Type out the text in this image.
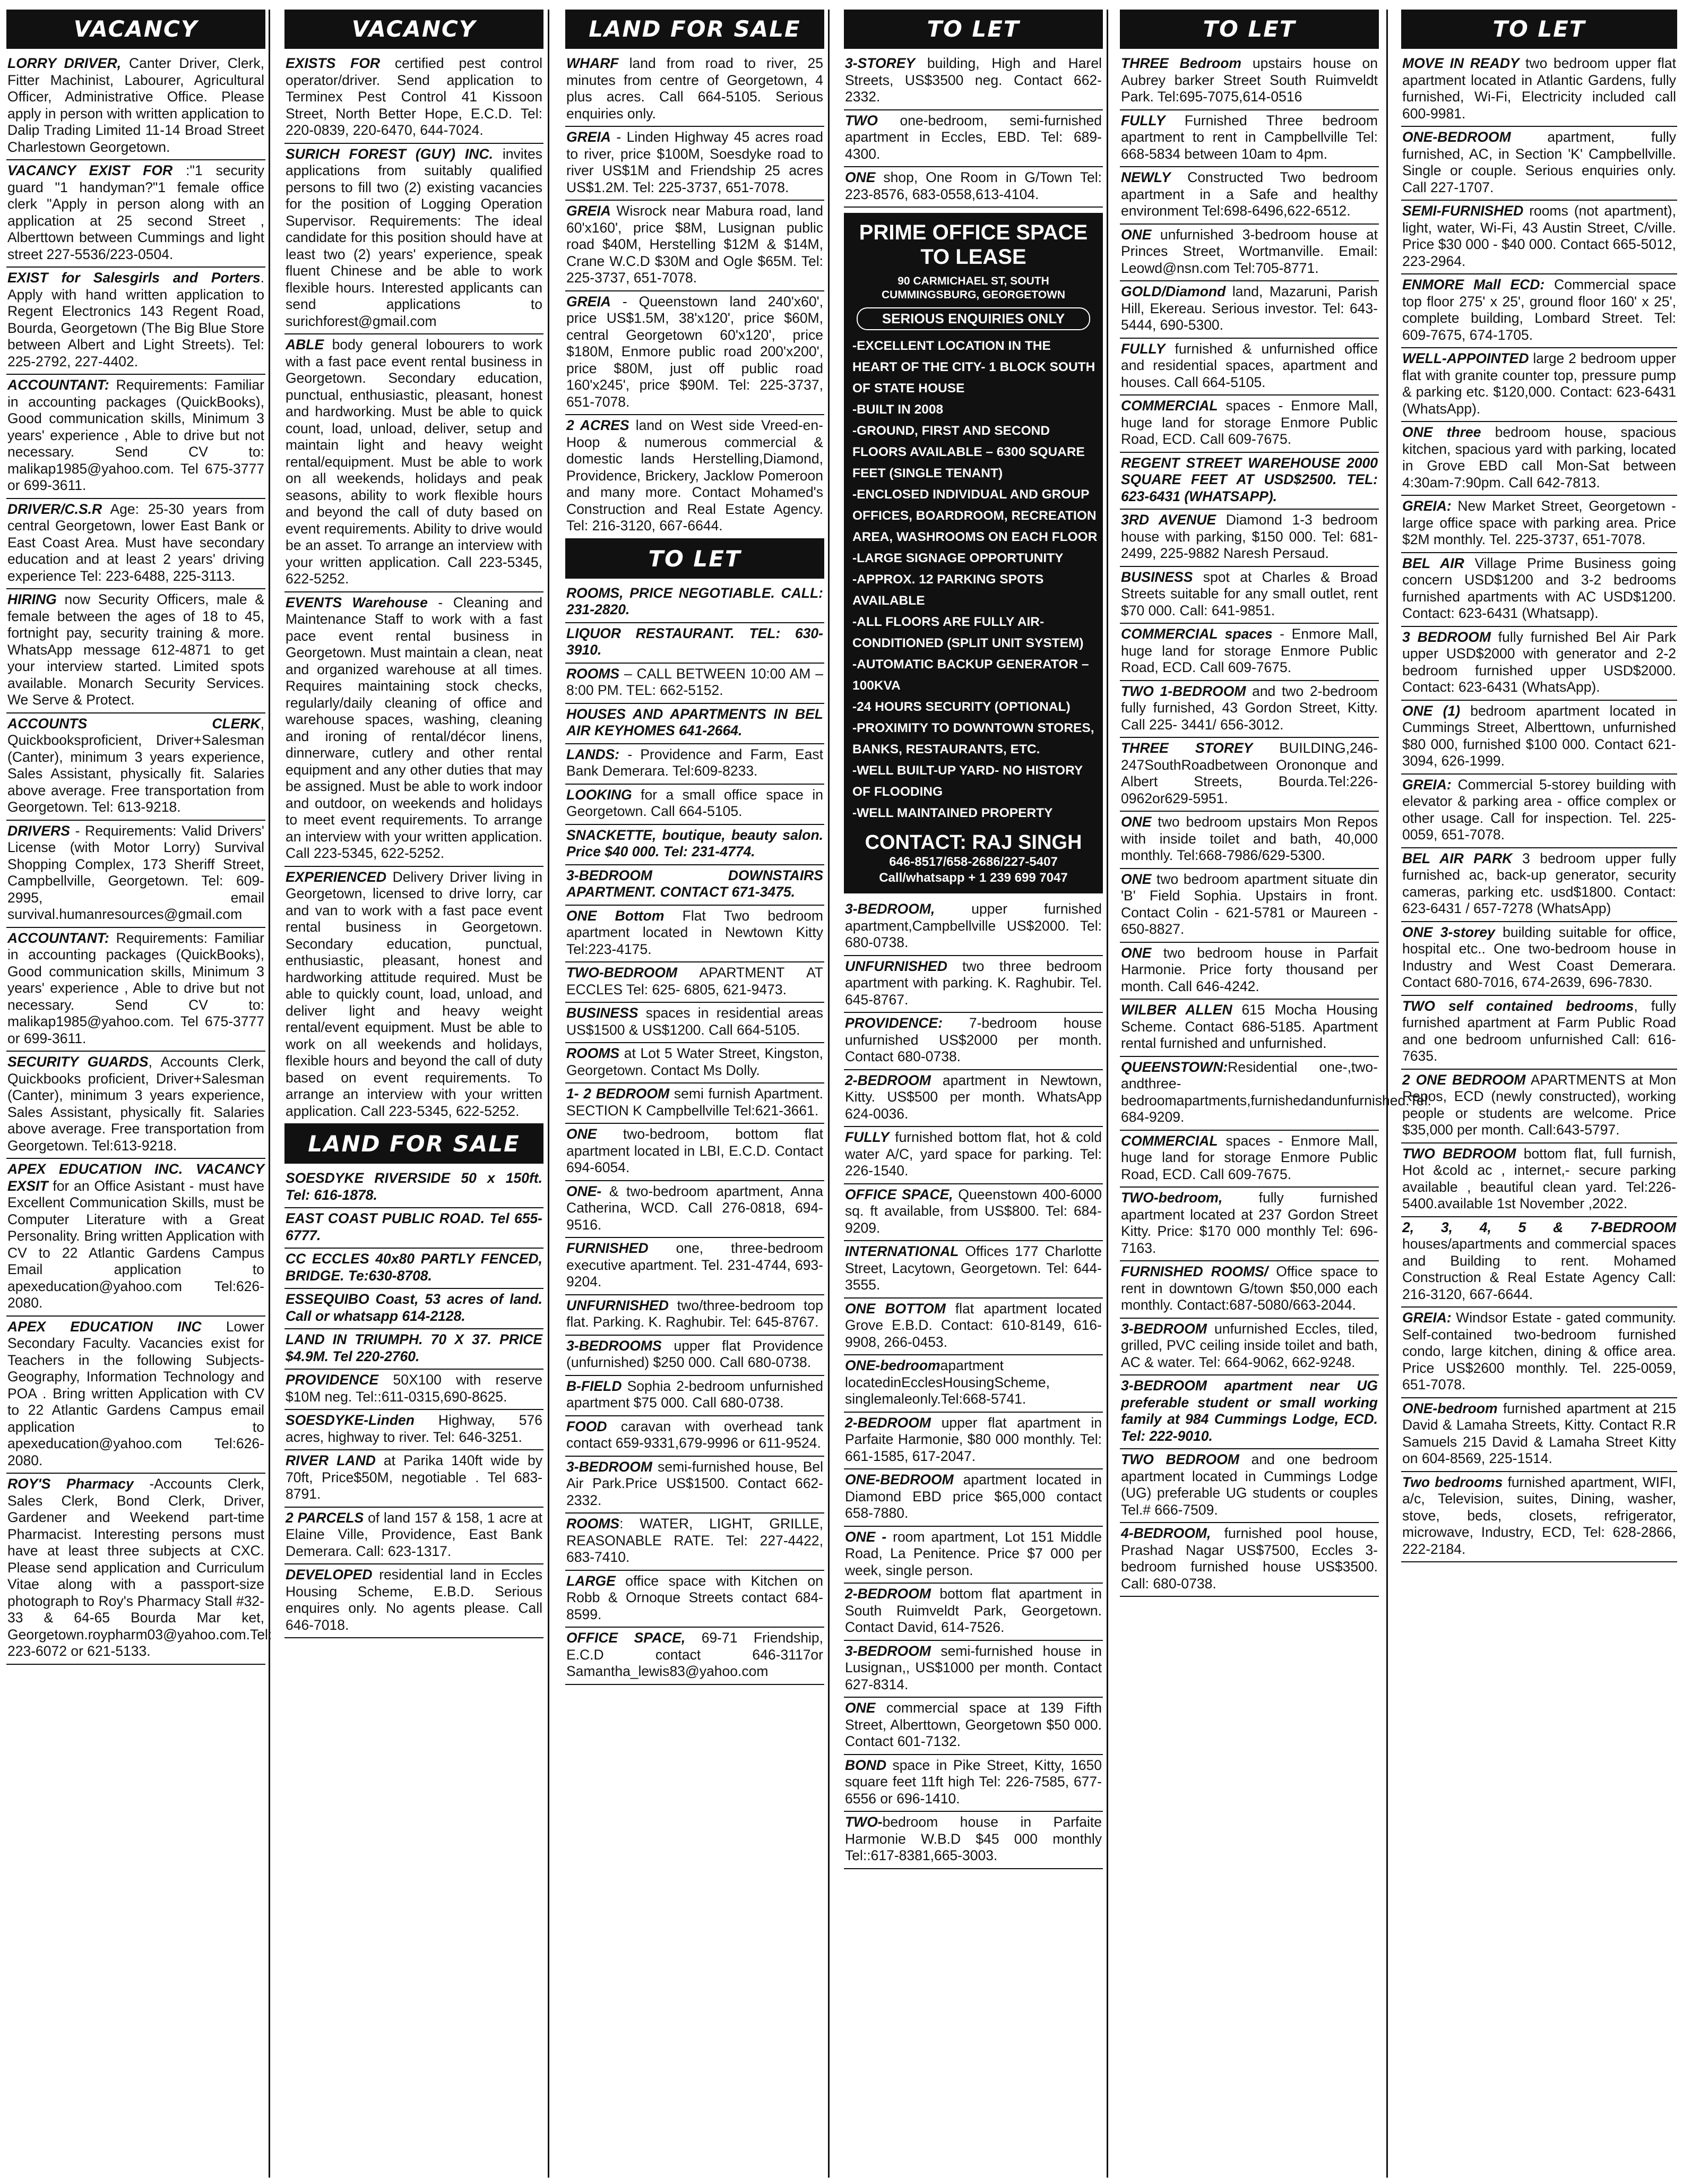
VACANCY
LORRY DRIVER, Canter Driver, Clerk, Fitter Machinist, Labourer, Agricultural Officer, Administrative Office. Please apply in person with written application to Dalip Trading Limited 11-14 Broad Street Charlestown Georgetown.
VACANCY EXIST FOR :"1 security guard "1 handyman?"1 female office clerk "Apply in person along with an application at 25 second Street , Alberttown between Cummings and light street 227-5536/223-0504.
EXIST for Salesgirls and Porters. Apply with hand written application to Regent Electronics 143 Regent Road, Bourda, Georgetown (The Big Blue Store between Albert and Light Streets). Tel: 225-2792, 227-4402.
ACCOUNTANT: Requirements: Familiar in accounting packages (QuickBooks), Good communication skills, Minimum 3 years' experience , Able to drive but not necessary. Send CV to: malikap1985@yahoo.com. Tel 675-3777 or 699-3611.
DRIVER/C.S.R Age: 25-30 years from central Georgetown, lower East Bank or East Coast Area. Must have secondary education and at least 2 years' driving experience Tel: 223-6488, 225-3113.
HIRING now Security Officers, male & female between the ages of 18 to 45, fortnight pay, security training & more. WhatsApp message 612-4871 to get your interview started. Limited spots available. Monarch Security Services. We Serve & Protect.
ACCOUNTS CLERK, Quickbooksproficient, Driver+Salesman (Canter), minimum 3 years experience, Sales Assistant, physically fit. Salaries above average. Free transportation from Georgetown. Tel: 613-9218.
DRIVERS - Requirements: Valid Drivers' License (with Motor Lorry) Survival Shopping Complex, 173 Sheriff Street, Campbellville, Georgetown. Tel: 609-2995, email survival.humanresources@gmail.com
ACCOUNTANT: Requirements: Familiar in accounting packages (QuickBooks), Good communication skills, Minimum 3 years' experience , Able to drive but not necessary. Send CV to: malikap1985@yahoo.com. Tel 675-3777 or 699-3611.
SECURITY GUARDS, Accounts Clerk, Quickbooks proficient, Driver+Salesman (Canter), minimum 3 years experience, Sales Assistant, physically fit. Salaries above average. Free transportation from Georgetown. Tel:613-9218.
APEX EDUCATION INC. VACANCY EXSIT for an Office Asistant - must have Excellent Communication Skills, must be Computer Literature with a Great Personality. Bring written Application with CV to 22 Atlantic Gardens Campus Email application to apexeducation@yahoo.com Tel:626-2080.
APEX EDUCATION INC Lower Secondary Faculty. Vacancies exist for Teachers in the following Subjects- Geography, Information Technology and POA . Bring written Application with CV to 22 Atlantic Gardens Campus email application to apexeducation@yahoo.com Tel:626-2080.
ROY'S Pharmacy -Accounts Clerk, Sales Clerk, Bond Clerk, Driver, Gardener and Weekend part-time Pharmacist. Interesting persons must have at least three subjects at CXC. Please send application and Curriculum Vitae along with a passport-size photograph to Roy's Pharmacy Stall #32-33 & 64-65 Bourda Mar ket, Georgetown.roypharm03@yahoo.com.Tel: 223-6072 or 621-5133.
VACANCY
EXISTS FOR certified pest control operator/driver. Send application to Terminex Pest Control 41 Kissoon Street, North Better Hope, E.C.D. Tel: 220-0839, 220-6470, 644-7024.
SURICH FOREST (GUY) INC. invites applications from suitably qualified persons to fill two (2) existing vacancies for the position of Logging Operation Supervisor. Requirements: The ideal candidate for this position should have at least two (2) years' experience, speak fluent Chinese and be able to work flexible hours. Interested applicants can send applications to surichforest@gmail.com
ABLE body general lobourers to work with a fast pace event rental business in Georgetown. Secondary education, punctual, enthusiastic, pleasant, honest and hardworking. Must be able to quick count, load, unload, deliver, setup and maintain light and heavy weight rental/equipment. Must be able to work on all weekends, holidays and peak seasons, ability to work flexible hours and beyond the call of duty based on event requirements. Ability to drive would be an asset. To arrange an interview with your written application. Call 223-5345, 622-5252.
EVENTS Warehouse - Cleaning and Maintenance Staff to work with a fast pace event rental business in Georgetown. Must maintain a clean, neat and organized warehouse at all times. Requires maintaining stock checks, regularly/daily cleaning of office and warehouse spaces, washing, cleaning and ironing of rental/décor linens, dinnerware, cutlery and other rental equipment and any other duties that may be assigned. Must be able to work indoor and outdoor, on weekends and holidays to meet event requirements. To arrange an interview with your written application. Call 223-5345, 622-5252.
EXPERIENCED Delivery Driver living in Georgetown, licensed to drive lorry, car and van to work with a fast pace event rental business in Georgetown. Secondary education, punctual, enthusiastic, pleasant, honest and hardworking attitude required. Must be able to quickly count, load, unload, and deliver light and heavy weight rental/event equipment. Must be able to work on all weekends and holidays, flexible hours and beyond the call of duty based on event requirements. To arrange an interview with your written application. Call 223-5345, 622-5252.
LAND FOR SALE
SOESDYKE RIVERSIDE 50 x 150ft. Tel: 616-1878.
EAST COAST PUBLIC ROAD. Tel 655-6777.
CC ECCLES 40x80 PARTLY FENCED, BRIDGE. Te:630-8708.
ESSEQUIBO Coast, 53 acres of land. Call or whatsapp 614-2128.
LAND IN TRIUMPH. 70 X 37. PRICE $4.9M. Tel 220-2760.
PROVIDENCE 50X100 with reserve $10M neg. Tel::611-0315,690-8625.
SOESDYKE-Linden Highway, 576 acres, highway to river. Tel: 646-3251.
RIVER LAND at Parika 140ft wide by 70ft, Price$50M, negotiable . Tel 683-8791.
2 PARCELS of land 157 & 158, 1 acre at Elaine Ville, Providence, East Bank Demerara. Call: 623-1317.
DEVELOPED residential land in Eccles Housing Scheme, E.B.D. Serious enquires only. No agents please. Call 646-7018.
LAND FOR SALE
WHARF land from road to river, 25 minutes from centre of Georgetown, 4 plus acres. Call 664-5105. Serious enquiries only.
GREIA - Linden Highway 45 acres road to river, price $100M, Soesdyke road to river US$1M and Friendship 25 acres US$1.2M. Tel: 225-3737, 651-7078.
GREIA Wisrock near Mabura road, land 60'x160', price $8M, Lusignan public road $40M, Herstelling $12M & $14M, Crane W.C.D $30M and Ogle $65M. Tel: 225-3737, 651-7078.
GREIA - Queenstown land 240'x60', price US$1.5M, 38'x120', price $60M, central Georgetown 60'x120', price $180M, Enmore public road 200'x200', price $80M, just off public road 160'x245', price $90M. Tel: 225-3737, 651-7078.
2 ACRES land on West side Vreed-en-Hoop & numerous commercial & domestic lands Herstelling,Diamond, Providence, Brickery, Jacklow Pomeroon and many more. Contact Mohamed's Construction and Real Estate Agency. Tel: 216-3120, 667-6644.
TO LET
ROOMS, PRICE NEGOTIABLE. CALL: 231-2820.
LIQUOR RESTAURANT. TEL: 630-3910.
ROOMS – CALL BETWEEN 10:00 AM – 8:00 PM. TEL: 662-5152.
HOUSES AND APARTMENTS IN BEL AIR KEYHOMES 641-2664.
LANDS: - Providence and Farm, East Bank Demerara. Tel:609-8233.
LOOKING for a small office space in Georgetown. Call 664-5105.
SNACKETTE, boutique, beauty salon. Price $40 000. Tel: 231-4774.
3-BEDROOM DOWNSTAIRS APARTMENT. CONTACT 671-3475.
ONE Bottom Flat Two bedroom apartment located in Newtown Kitty Tel:223-4175.
TWO-BEDROOM APARTMENT AT ECCLES Tel: 625- 6805, 621-9473.
BUSINESS spaces in residential areas US$1500 & US$1200. Call 664-5105.
ROOMS at Lot 5 Water Street, Kingston, Georgetown. Contact Ms Dolly.
1- 2 BEDROOM semi furnish Apartment. SECTION K Campbellville Tel:621-3661.
ONE two-bedroom, bottom flat apartment located in LBI, E.C.D. Contact 694-6054.
ONE- & two-bedroom apartment, Anna Catherina, WCD. Call 276-0818, 694-9516.
FURNISHED one, three-bedroom executive apartment. Tel. 231-4744, 693-9204.
UNFURNISHED two/three-bedroom top flat. Parking. K. Raghubir. Tel: 645-8767.
3-BEDROOMS upper flat Providence (unfurnished) $250 000. Call 680-0738.
B-FIELD Sophia 2-bedroom unfurnished apartment $75 000. Call 680-0738.
FOOD caravan with overhead tank contact 659-9331,679-9996 or 611-9524.
3-BEDROOM semi-furnished house, Bel Air Park.Price US$1500. Contact 662-2332.
ROOMS: WATER, LIGHT, GRILLE, REASONABLE RATE. Tel: 227-4422, 683-7410.
LARGE office space with Kitchen on Robb & Ornoque Streets contact 684-8599.
OFFICE SPACE, 69-71 Friendship, E.C.D contact 646-3117or Samantha_lewis83@yahoo.com
TO LET
3-STOREY building, High and Harel Streets, US$3500 neg. Contact 662-2332.
TWO one-bedroom, semi-furnished apartment in Eccles, EBD. Tel: 689-4300.
ONE shop, One Room in G/Town Tel: 223-8576, 683-0558,613-4104.
PRIME OFFICE SPACE TO LEASE
90 CARMICHAEL ST, SOUTH CUMMINGSBURG, GEORGETOWN
SERIOUS ENQUIRIES ONLY
-EXCELLENT LOCATION IN THE HEART OF THE CITY- 1 BLOCK SOUTH OF STATE HOUSE
-BUILT IN 2008
-GROUND, FIRST AND SECOND FLOORS AVAILABLE – 6300 SQUARE FEET (SINGLE TENANT)
-ENCLOSED INDIVIDUAL AND GROUP OFFICES, BOARDROOM, RECREATION AREA, WASHROOMS ON EACH FLOOR
-LARGE SIGNAGE OPPORTUNITY
-APPROX. 12 PARKING SPOTS AVAILABLE
-ALL FLOORS ARE FULLY AIR-CONDITIONED (SPLIT UNIT SYSTEM)
-AUTOMATIC BACKUP GENERATOR – 100KVA
-24 HOURS SECURITY (OPTIONAL)
-PROXIMITY TO DOWNTOWN STORES, BANKS, RESTAURANTS, ETC.
-WELL BUILT-UP YARD- NO HISTORY OF FLOODING
-WELL MAINTAINED PROPERTY
CONTACT: RAJ SINGH
646-8517/658-2686/227-5407
Call/whatsapp + 1 239 699 7047
3-BEDROOM, upper furnished apartment,Campbellville US$2000. Tel: 680-0738.
UNFURNISHED two three bedroom apartment with parking. K. Raghubir. Tel. 645-8767.
PROVIDENCE: 7-bedroom house unfurnished US$2000 per month. Contact 680-0738.
2-BEDROOM apartment in Newtown, Kitty. US$500 per month. WhatsApp 624-0036.
FULLY furnished bottom flat, hot & cold water A/C, yard space for parking. Tel: 226-1540.
OFFICE SPACE, Queenstown 400-6000 sq. ft available, from US$800. Tel: 684-9209.
INTERNATIONAL Offices 177 Charlotte Street, Lacytown, Georgetown. Tel: 644-3555.
ONE BOTTOM flat apartment located Grove E.B.D. Contact: 610-8149, 616-9908, 266-0453.
ONE-bedroomapartment locatedinEcclesHousingScheme, singlemaleonly.Tel:668-5741.
2-BEDROOM upper flat apartment in Parfaite Harmonie, $80 000 monthly. Tel: 661-1585, 617-2047.
ONE-BEDROOM apartment located in Diamond EBD price $65,000 contact 658-7880.
ONE - room apartment, Lot 151 Middle Road, La Penitence. Price $7 000 per week, single person.
2-BEDROOM bottom flat apartment in South Ruimveldt Park, Georgetown. Contact David, 614-7526.
3-BEDROOM semi-furnished house in Lusignan,, US$1000 per month. Contact 627-8314.
ONE commercial space at 139 Fifth Street, Alberttown, Georgetown $50 000. Contact 601-7132.
BOND space in Pike Street, Kitty, 1650 square feet 11ft high Tel: 226-7585, 677-6556 or 696-1410.
TWO-bedroom house in Parfaite Harmonie W.B.D $45 000 monthly Tel::617-8381,665-3003.
TO LET
THREE Bedroom upstairs house on Aubrey barker Street South Ruimveldt Park. Tel:695-7075,614-0516
FULLY Furnished Three bedroom apartment to rent in Campbellville Tel: 668-5834 between 10am to 4pm.
NEWLY Constructed Two bedroom apartment in a Safe and healthy environment Tel:698-6496,622-6512.
ONE unfurnished 3-bedroom house at Princes Street, Wortmanville. Email: Leowd@nsn.com Tel:705-8771.
GOLD/Diamond land, Mazaruni, Parish Hill, Ekereau. Serious investor. Tel: 643-5444, 690-5300.
FULLY furnished & unfurnished office and residential spaces, apartment and houses. Call 664-5105.
COMMERCIAL spaces - Enmore Mall, huge land for storage Enmore Public Road, ECD. Call 609-7675.
REGENT STREET WAREHOUSE 2000 SQUARE FEET AT USD$2500. TEL: 623-6431 (WHATSAPP).
3RD AVENUE Diamond 1-3 bedroom house with parking, $150 000. Tel: 681-2499, 225-9882 Naresh Persaud.
BUSINESS spot at Charles & Broad Streets suitable for any small outlet, rent $70 000. Call: 641-9851.
COMMERCIAL spaces - Enmore Mall, huge land for storage Enmore Public Road, ECD. Call 609-7675.
TWO 1-BEDROOM and two 2-bedroom fully furnished, 43 Gordon Street, Kitty. Call 225- 3441/ 656-3012.
THREE STOREY BUILDING,246-247SouthRoadbetween Orononque and Albert Streets, Bourda.Tel:226-0962or629-5951.
ONE two bedroom upstairs Mon Repos with inside toilet and bath, 40,000 monthly. Tel:668-7986/629-5300.
ONE two bedroom apartment situate din 'B' Field Sophia. Upstairs in front. Contact Colin - 621-5781 or Maureen - 650-8827.
ONE two bedroom house in Parfait Harmonie. Price forty thousand per month. Call 646-4242.
WILBER ALLEN 615 Mocha Housing Scheme. Contact 686-5185. Apartment rental furnished and unfurnished.
QUEENSTOWN:Residential one-,two-andthree-bedroomapartments,furnishedandunfurnished.Tel: 684-9209.
COMMERCIAL spaces - Enmore Mall, huge land for storage Enmore Public Road, ECD. Call 609-7675.
TWO-bedroom, fully furnished apartment located at 237 Gordon Street Kitty. Price: $170 000 monthly Tel: 696-7163.
FURNISHED ROOMS/ Office space to rent in downtown G/town $50,000 each monthly. Contact:687-5080/663-2044.
3-BEDROOM unfurnished Eccles, tiled, grilled, PVC ceiling inside toilet and bath, AC & water. Tel: 664-9062, 662-9248.
3-BEDROOM apartment near UG preferable student or small working family at 984 Cummings Lodge, ECD. Tel: 222-9010.
TWO BEDROOM and one bedroom apartment located in Cummings Lodge (UG) preferable UG students or couples Tel.# 666-7509.
4-BEDROOM, furnished pool house, Prashad Nagar US$7500, Eccles 3-bedroom furnished house US$3500. Call: 680-0738.
TO LET
MOVE IN READY two bedroom upper flat apartment located in Atlantic Gardens, fully furnished, Wi-Fi, Electricity included call 600-9981.
ONE-BEDROOM apartment, fully furnished, AC, in Section 'K' Campbellville. Single or couple. Serious enquiries only. Call 227-1707.
SEMI-FURNISHED rooms (not apartment), light, water, Wi-Fi, 43 Austin Street, C/ville. Price $30 000 - $40 000. Contact 665-5012, 223-2964.
ENMORE Mall ECD: Commercial space top floor 275' x 25', ground floor 160' x 25', complete building, Lombard Street. Tel: 609-7675, 674-1705.
WELL-APPOINTED large 2 bedroom upper flat with granite counter top, pressure pump & parking etc. $120,000. Contact: 623-6431 (WhatsApp).
ONE three bedroom house, spacious kitchen, spacious yard with parking, located in Grove EBD call Mon-Sat between 4:30am-7:90pm. Call 642-7813.
GREIA: New Market Street, Georgetown - large office space with parking area. Price $2M monthly. Tel. 225-3737, 651-7078.
BEL AIR Village Prime Business going concern USD$1200 and 3-2 bedrooms furnished apartments with AC USD$1200. Contact: 623-6431 (Whatsapp).
3 BEDROOM fully furnished Bel Air Park upper USD$2000 with generator and 2-2 bedroom furnished upper USD$2000. Contact: 623-6431 (WhatsApp).
ONE (1) bedroom apartment located in Cummings Street, Alberttown, unfurnished $80 000, furnished $100 000. Contact 621-3094, 626-1999.
GREIA: Commercial 5-storey building with elevator & parking area - office complex or other usage. Call for inspection. Tel. 225-0059, 651-7078.
BEL AIR PARK 3 bedroom upper fully furnished ac, back-up generator, security cameras, parking etc. usd$1800. Contact: 623-6431 / 657-7278 (WhatsApp)
ONE 3-storey building suitable for office, hospital etc.. One two-bedroom house in Industry and West Coast Demerara. Contact 680-7016, 674-2639, 696-7830.
TWO self contained bedrooms, fully furnished apartment at Farm Public Road and one bedroom unfurnished Call: 616-7635.
2 ONE BEDROOM APARTMENTS at Mon Repos, ECD (newly constructed), working people or students are welcome. Price $35,000 per month. Call:643-5797.
TWO BEDROOM bottom flat, full furnish, Hot &cold ac , internet,- secure parking available , beautiful clean yard. Tel:226-5400.available 1st November ,2022.
2, 3, 4, 5 & 7-BEDROOM houses/apartments and commercial spaces and Building to rent. Mohamed Construction & Real Estate Agency Call: 216-3120, 667-6644.
GREIA: Windsor Estate - gated community. Self-contained two-bedroom furnished condo, large kitchen, dining & office area. Price US$2600 monthly. Tel. 225-0059, 651-7078.
ONE-bedroom furnished apartment at 215 David & Lamaha Streets, Kitty. Contact R.R Samuels 215 David & Lamaha Street Kitty on 604-8569, 225-1514.
Two bedrooms furnished apartment, WIFI, a/c, Television, suites, Dining, washer, stove, beds, closets, refrigerator, microwave, Industry, ECD, Tel: 628-2866, 222-2184.
